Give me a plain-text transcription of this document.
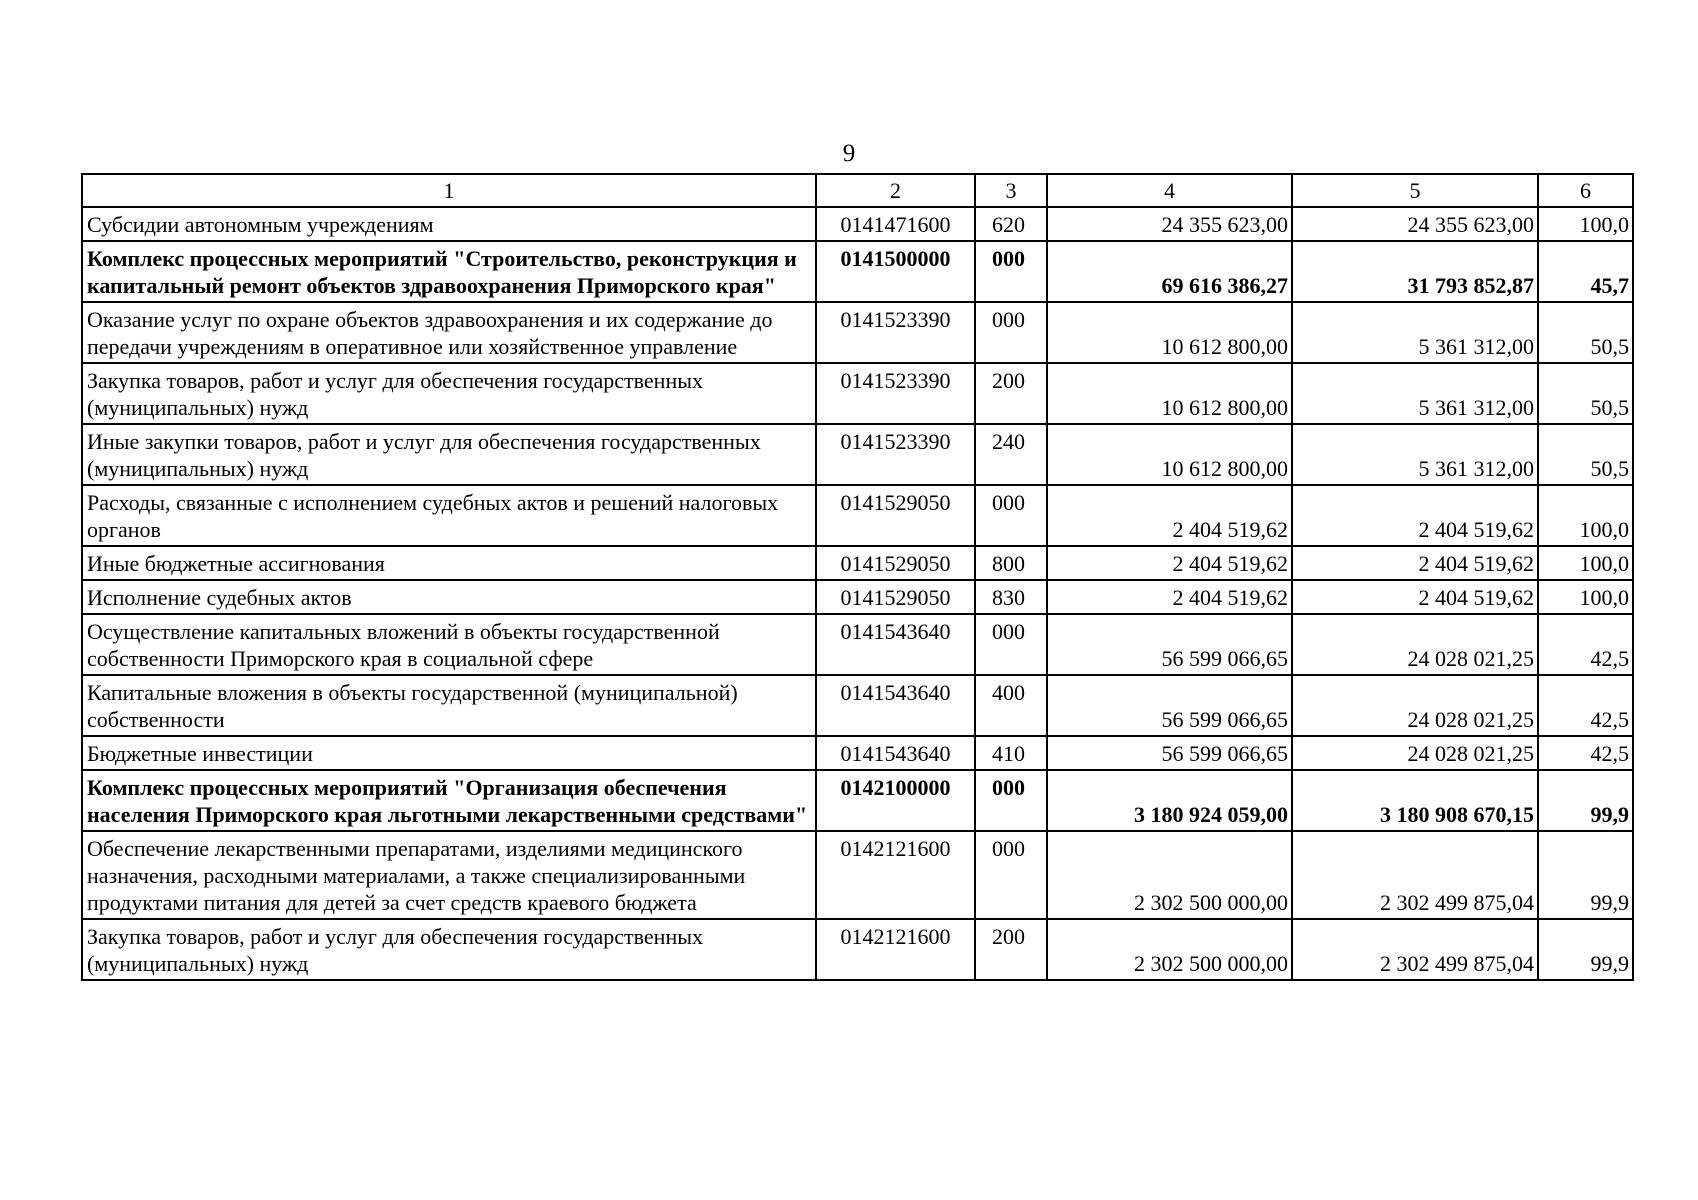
9
1	2	3	4	5	6
Субсидии автономным учреждениям	0141471600	620	24 355 623,00	24 355 623,00	100,0
Комплекс процессных мероприятий "Строительство, реконструкция и капитальный ремонт объектов здравоохранения Приморского края"	0141500000	000	69 616 386,27	31 793 852,87	45,7
Оказание услуг по охране объектов здравоохранения и их содержание до передачи учреждениям в оперативное или хозяйственное управление	0141523390	000	10 612 800,00	5 361 312,00	50,5
Закупка товаров, работ и услуг для обеспечения государственных (муниципальных) нужд	0141523390	200	10 612 800,00	5 361 312,00	50,5
Иные закупки товаров, работ и услуг для обеспечения государственных (муниципальных) нужд	0141523390	240	10 612 800,00	5 361 312,00	50,5
Расходы, связанные с исполнением судебных актов и решений налоговых органов	0141529050	000	2 404 519,62	2 404 519,62	100,0
Иные бюджетные ассигнования	0141529050	800	2 404 519,62	2 404 519,62	100,0
Исполнение судебных актов	0141529050	830	2 404 519,62	2 404 519,62	100,0
Осуществление капитальных вложений в объекты государственной собственности Приморского края в социальной сфере	0141543640	000	56 599 066,65	24 028 021,25	42,5
Капитальные вложения в объекты государственной (муниципальной) собственности	0141543640	400	56 599 066,65	24 028 021,25	42,5
Бюджетные инвестиции	0141543640	410	56 599 066,65	24 028 021,25	42,5
Комплекс процессных мероприятий "Организация обеспечения населения Приморского края льготными лекарственными средствами"	0142100000	000	3 180 924 059,00	3 180 908 670,15	99,9
Обеспечение лекарственными препаратами, изделиями медицинского назначения, расходными материалами, а также специализированными продуктами питания для детей за счет средств краевого бюджета	0142121600	000	2 302 500 000,00	2 302 499 875,04	99,9
Закупка товаров, работ и услуг для обеспечения государственных (муниципальных) нужд	0142121600	200	2 302 500 000,00	2 302 499 875,04	99,9
